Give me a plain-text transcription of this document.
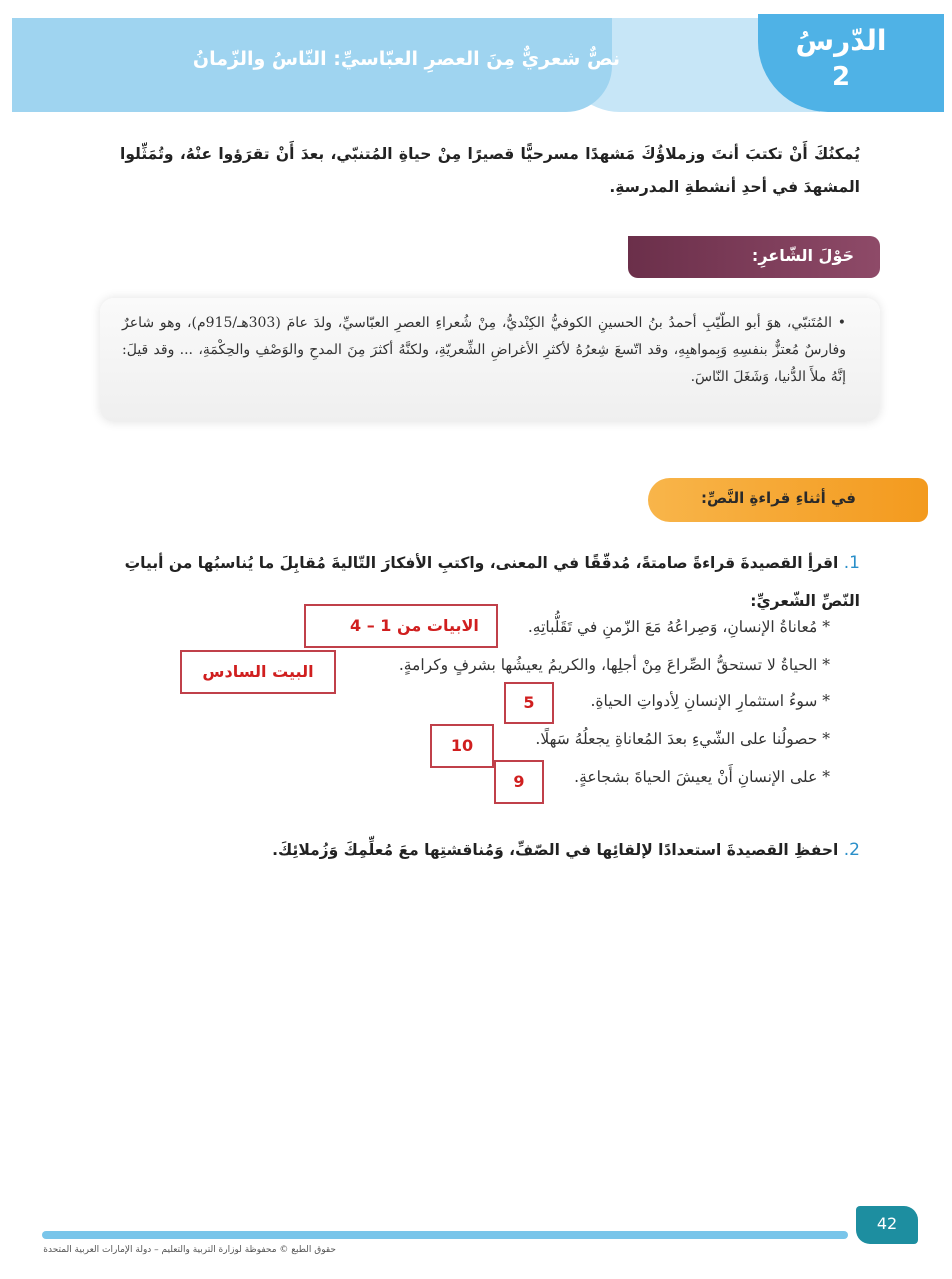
نصٌّ شعريٌّ مِنَ العصرِ العبّاسيِّ: النّاسُ والزّمانُ
الدّرسُ
2
يُمكنُكَ أَنْ تكتبَ أنتَ وزملاؤُكَ مَشهدًا مسرحيًّا قصيرًا مِنْ حياةِ المُتنبّي، بعدَ أَنْ تقرَؤوا عنْهُ، وتُمَثِّلوا المشهدَ في أحدِ أنشطةِ المدرسةِ.
حَوْلَ الشّاعرِ:
• المُتَنبّي، هوَ أبو الطّيّبِ أحمدُ بنُ الحسينِ الكوفيُّ الكِنْديُّ، مِنْ شُعراءِ العصرِ العبّاسيِّ، ولدَ عامَ (303هـ/915م)، وهو شاعرٌ وفارسٌ مُعتزٌّ بنفسِهِ وَبِمواهبِهِ، وقد اتّسعَ شِعرُهُ لأكثرِ الأغراضِ الشِّعريّةِ، ولكنَّهُ أكثرَ مِنَ المدحِ والوَصْفِ والحِكْمَةِ، ... وقد قيلَ: إنَّهُ ملأَ الدُّنيا، وَشَغَلَ النّاسَ.
في أثناءِ قراءةِ النَّصِّ:
1. اقرأِ القصيدةَ قراءةً صامتةً، مُدقّقًا في المعنى، واكتبِ الأفكارَ التّاليةَ مُقابِلَ ما يُناسبُها من أبياتِ النّصِّ الشّعريِّ:
* مُعاناةُ الإنسانِ، وَصِراعُهُ مَعَ الزّمنِ في تَقَلُّباتِهِ.
* الحياةُ لا تستحقُّ الصِّراعَ مِنْ أجلِها، والكريمُ يعيشُها بشرفٍ وكرامةٍ.
* سوءُ استثمارِ الإنسانِ لِأدواتِ الحياةِ.
* حصولُنا على الشّيءِ بعدَ المُعاناةِ يجعلُهُ سَهلًا.
* على الإنسانِ أَنْ يعيشَ الحياةَ بشجاعةٍ.
الابيات من 1 – 4
البيت السادس
5
10
9
2. احفظِ القصيدةَ استعدادًا لإلقائِها في الصّفِّ، وَمُناقشتِها معَ مُعلِّمِكَ وَزُملائِكَ.
42
حقوق الطبع © محفوظة لوزارة التربية والتعليم – دولة الإمارات العربية المتحدة
